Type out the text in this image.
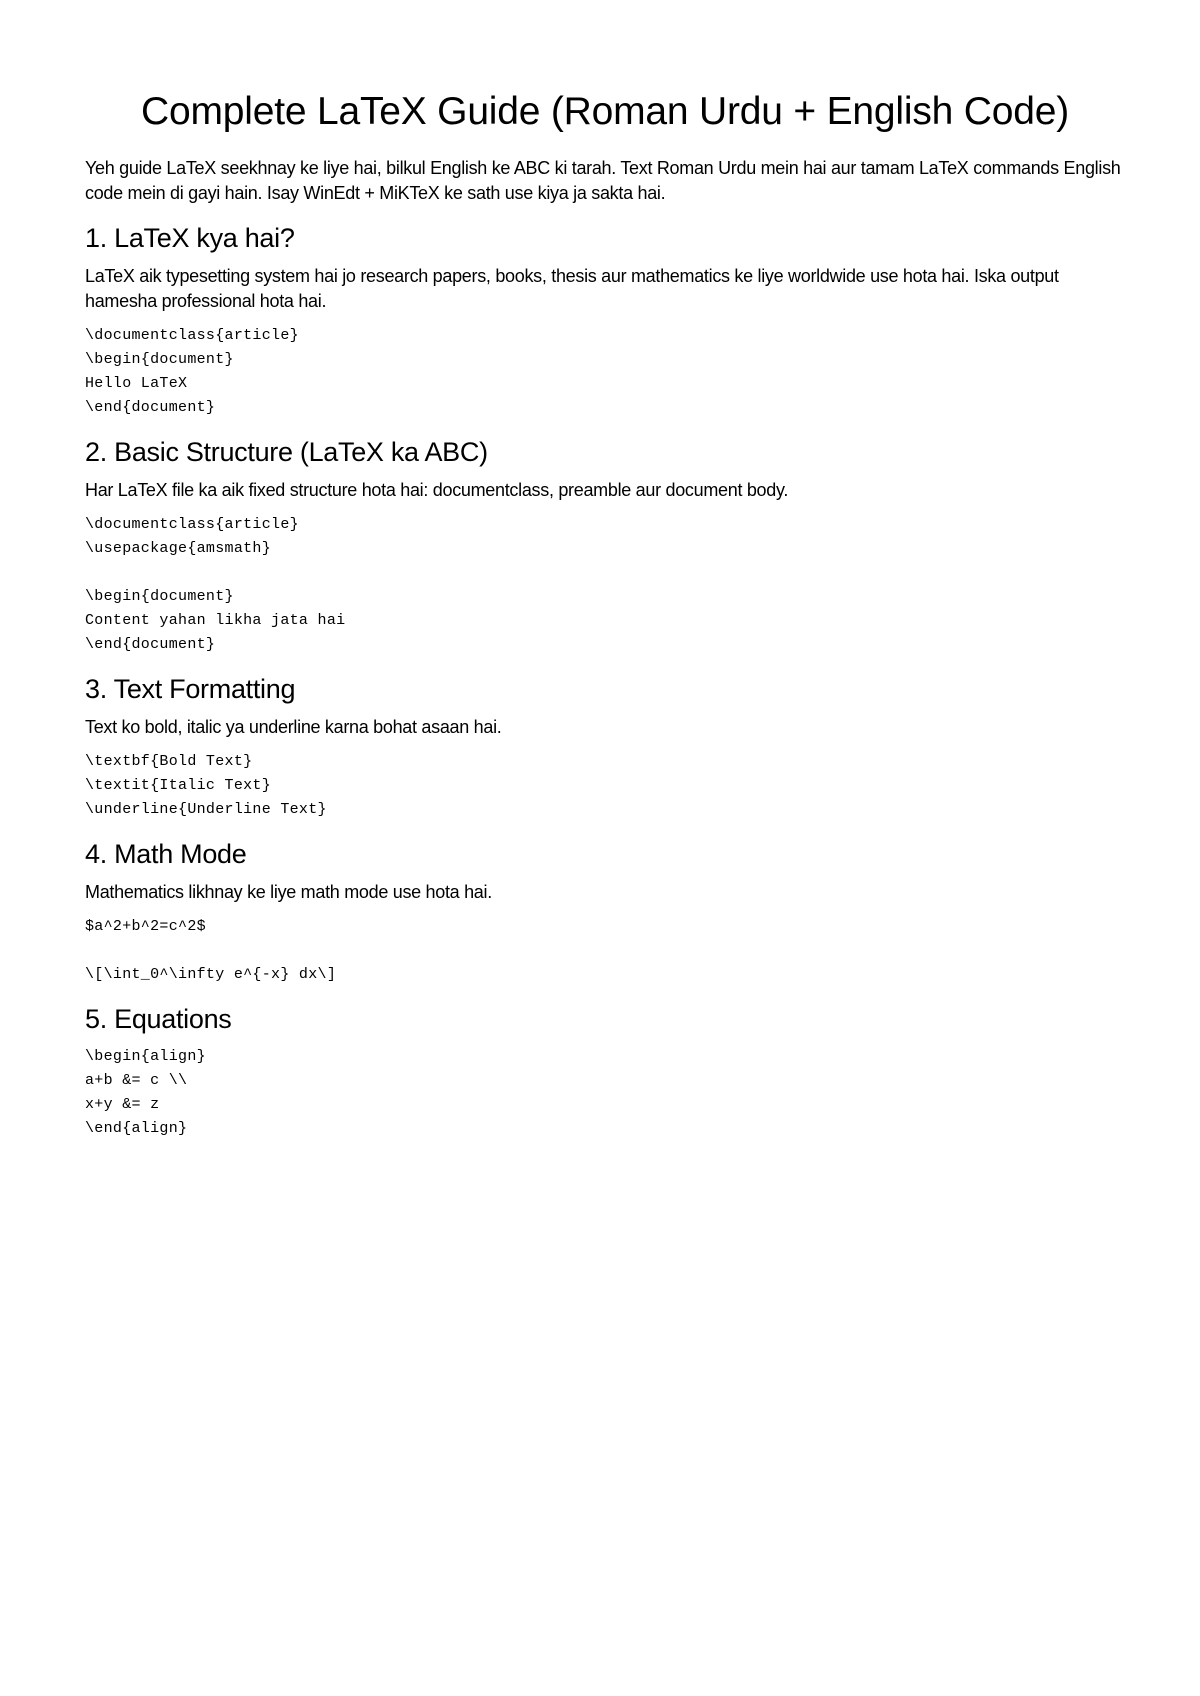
Complete LaTeX Guide (Roman Urdu + English Code)

Yeh guide LaTeX seekhnay ke liye hai, bilkul English ke ABC ki tarah. Text Roman Urdu mein hai aur tamam LaTeX commands English code mein di gayi hain. Isay WinEdt + MiKTeX ke sath use kiya ja sakta hai.

1. LaTeX kya hai?

LaTeX aik typesetting system hai jo research papers, books, thesis aur mathematics ke liye worldwide use hota hai. Iska output hamesha professional hota hai.

\documentclass{article}
\begin{document}
Hello LaTeX
\end{document}
2. Basic Structure (LaTeX ka ABC)

Har LaTeX file ka aik fixed structure hota hai: documentclass, preamble aur document body.

\documentclass{article}
\usepackage{amsmath}

\begin{document}
Content yahan likha jata hai
\end{document}
3. Text Formatting

Text ko bold, italic ya underline karna bohat asaan hai.

\textbf{Bold Text}
\textit{Italic Text}
\underline{Underline Text}
4. Math Mode

Mathematics likhnay ke liye math mode use hota hai.

$a^2+b^2=c^2$

\[\int_0^\infty e^{-x} dx\]
5. Equations
\begin{align}
a+b &= c \\
x+y &= z
\end{align}
